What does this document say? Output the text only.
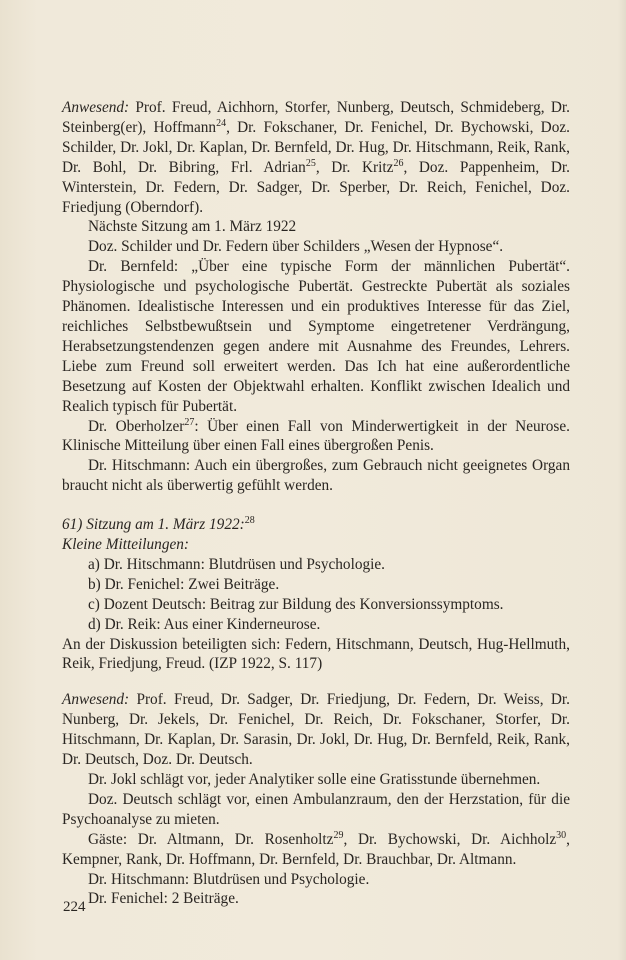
Anwesend: Prof. Freud, Aichhorn, Storfer, Nunberg, Deutsch, Schmideberg, Dr. Steinberg(er), Hoffmann$^{24}$, Dr. Fokschaner, Dr. Fenichel, Dr. Bychowski, Doz. Schilder, Dr. Jokl, Dr. Kaplan, Dr. Bernfeld, Dr. Hug, Dr. Hitschmann, Reik, Rank, Dr. Bohl, Dr. Bibring, Frl. Adrian$^{25}$, Dr. Kritz$^{26}$, Doz. Pappenheim, Dr. Winterstein, Dr. Federn, Dr. Sadger, Dr. Sperber, Dr. Reich, Fenichel, Doz. Friedjung (Oberndorf).

Nächste Sitzung am 1. März 1922

Doz. Schilder und Dr. Federn über Schilders „Wesen der Hypnose“.

Dr. Bernfeld: „Über eine typische Form der männlichen Pubertät“. Physiologische und psychologische Pubertät. Gestreckte Pubertät als soziales Phänomen. Idealistische Interessen und ein produktives Interesse für das Ziel, reichliches Selbstbewußtsein und Symptome eingetretener Verdrängung, Herabsetzungstendenzen gegen andere mit Ausnahme des Freundes, Lehrers. Liebe zum Freund soll erweitert werden. Das Ich hat eine außerordentliche Besetzung auf Kosten der Objektwahl erhalten. Konflikt zwischen Idealich und Realich typisch für Pubertät.

Dr. Oberholzer$^{27}$: Über einen Fall von Minderwertigkeit in der Neurose. Klinische Mitteilung über einen Fall eines übergroßen Penis.

Dr. Hitschmann: Auch ein übergroßes, zum Gebrauch nicht geeignetes Organ braucht nicht als überwertig gefühlt werden.

61) Sitzung am 1. März 1922:$^{28}$

Kleine Mitteilungen:

a) Dr. Hitschmann: Blutdrüsen und Psychologie.

b) Dr. Fenichel: Zwei Beiträge.

c) Dozent Deutsch: Beitrag zur Bildung des Konversionssymptoms.

d) Dr. Reik: Aus einer Kinderneurose.

An der Diskussion beteiligten sich: Federn, Hitschmann, Deutsch, Hug-Hellmuth, Reik, Friedjung, Freud. (IZP 1922, S. 117)

Anwesend: Prof. Freud, Dr. Sadger, Dr. Friedjung, Dr. Federn, Dr. Weiss, Dr. Nunberg, Dr. Jekels, Dr. Fenichel, Dr. Reich, Dr. Fokschaner, Storfer, Dr. Hitschmann, Dr. Kaplan, Dr. Sarasin, Dr. Jokl, Dr. Hug, Dr. Bernfeld, Reik, Rank, Dr. Deutsch, Doz. Dr. Deutsch.

Dr. Jokl schlägt vor, jeder Analytiker solle eine Gratisstunde übernehmen.

Doz. Deutsch schlägt vor, einen Ambulanzraum, den der Herzstation, für die Psychoanalyse zu mieten.

Gäste: Dr. Altmann, Dr. Rosenholtz$^{29}$, Dr. Bychowski, Dr. Aichholz$^{30}$, Kempner, Rank, Dr. Hoffmann, Dr. Bernfeld, Dr. Brauchbar, Dr. Altmann.

Dr. Hitschmann: Blutdrüsen und Psychologie.

Dr. Fenichel: 2 Beiträge.

224
